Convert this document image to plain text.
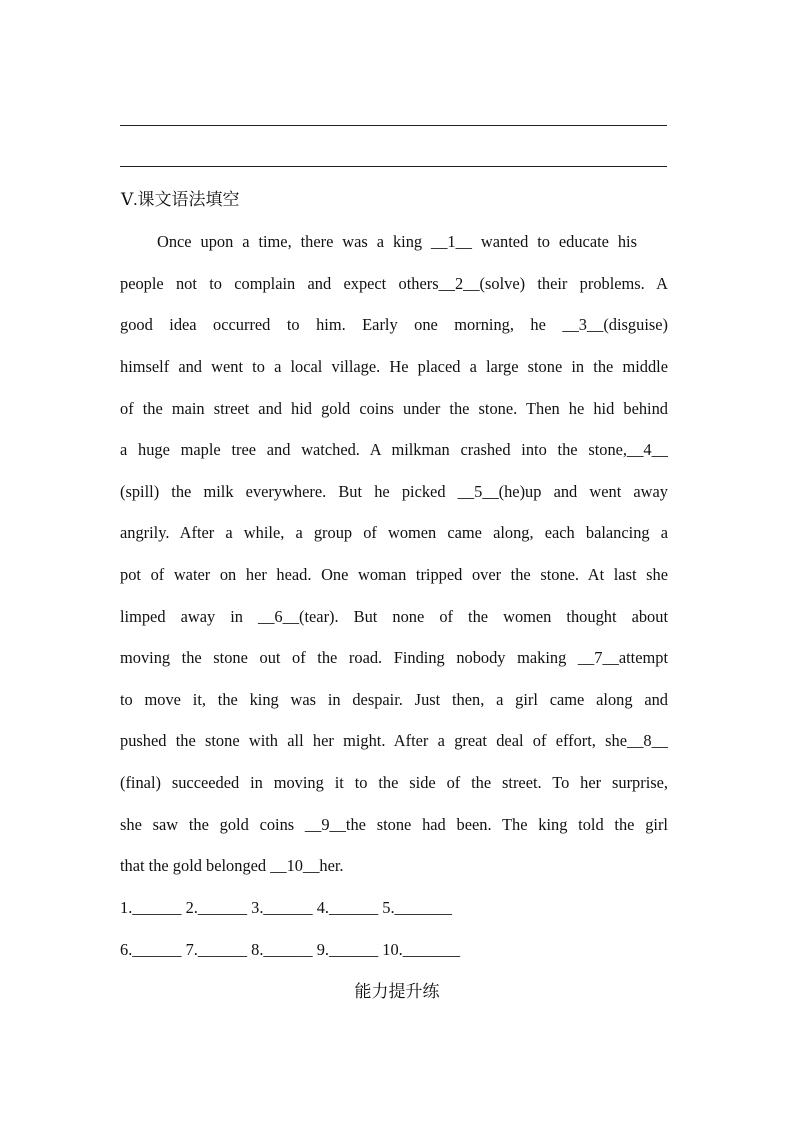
Ⅴ.课文语法填空
Once upon a time, there was a king __1__ wanted to educate his
people not to complain and expect others__2__(solve) their problems. A
good idea occurred to him. Early one morning, he __3__(disguise)
himself and went to a local village. He placed a large stone in the middle
of the main street and hid gold coins under the stone. Then he hid behind
a huge maple tree and watched. A milkman crashed into the stone,__4__
(spill) the milk everywhere. But he picked __5__(he)up and went away
angrily. After a while, a group of women came along, each balancing a
pot of water on her head. One woman tripped over the stone. At last she
limped away in __6__(tear). But none of the women thought about
moving the stone out of the road. Finding nobody making __7__attempt
to move it, the king was in despair. Just then, a girl came along and
pushed the stone with all her might. After a great deal of effort, she__8__
(final) succeeded in moving it to the side of the street. To her surprise,
she saw the gold coins __9__the stone had been. The king told the girl
that the gold belonged __10__her.
1.______ 2.______ 3.______ 4.______ 5._______
6.______ 7.______ 8.______ 9.______ 10._______
能力提升练
